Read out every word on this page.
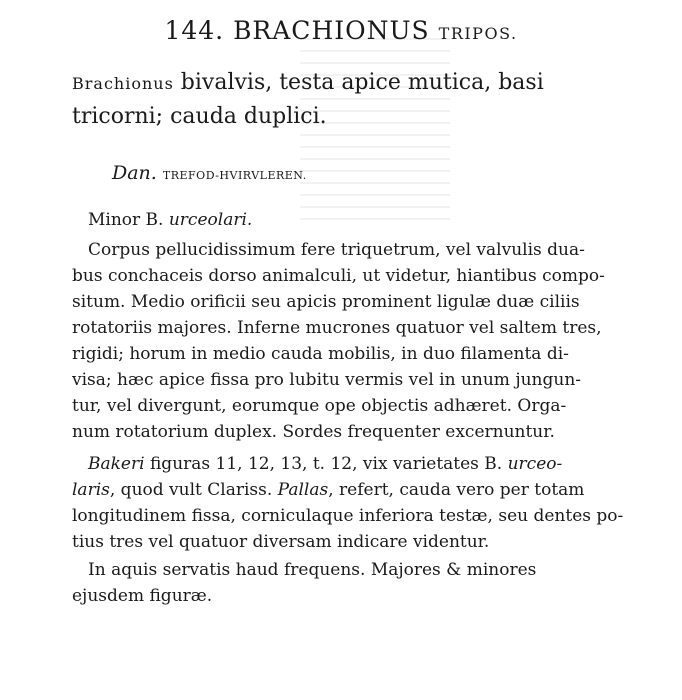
144. BRACHIONUS TRIPOS.
Brachionus bivalvis, testa apice mutica, basi
tricorni; cauda duplici.
Dan. TREFOD-HVIRVLEREN.
Minor B. urceolari.
Corpus pellucidissimum fere triquetrum, vel valvulis dua-
bus conchaceis dorso animalculi, ut videtur, hiantibus compo-
situm. Medio orificii seu apicis prominent ligulæ duæ ciliis
rotatoriis majores. Inferne mucrones quatuor vel saltem tres,
rigidi; horum in medio cauda mobilis, in duo filamenta di-
visa; hæc apice fissa pro lubitu vermis vel in unum jungun-
tur, vel divergunt, eorumque ope objectis adhæret. Orga-
num rotatorium duplex. Sordes frequenter excernuntur.
Bakeri figuras 11, 12, 13, t. 12, vix varietates B. urceo-
laris, quod vult Clariss. Pallas, refert, cauda vero per totam
longitudinem fissa, corniculaque inferiora testæ, seu dentes po-
tius tres vel quatuor diversam indicare videntur.
In aquis servatis haud frequens. Majores & minores
ejusdem figuræ.
